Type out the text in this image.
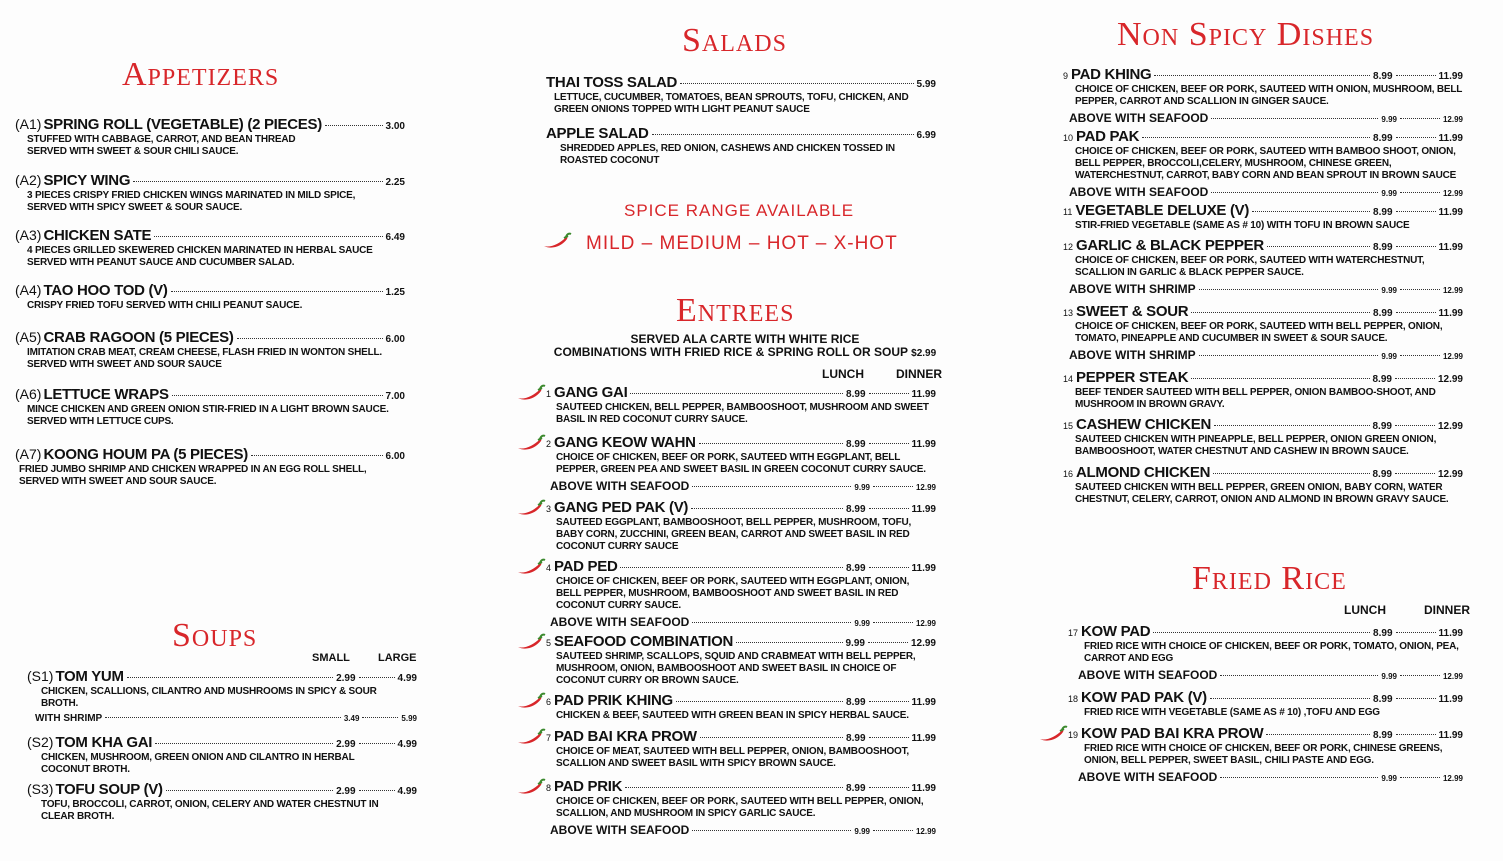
Appetizers
(A1) SPRING ROLL (VEGETABLE) (2 PIECES)	3.00
STUFFED WITH CABBAGE, CARROT, AND BEAN THREAD SERVED WITH SWEET & SOUR CHILI SAUCE.
(A2) SPICY WING	2.25
3 PIECES CRISPY FRIED CHICKEN WINGS MARINATED IN MILD SPICE, SERVED WITH SPICY SWEET & SOUR SAUCE.
(A3) CHICKEN SATE	6.49
4 PIECES GRILLED SKEWERED CHICKEN MARINATED IN HERBAL SAUCE SERVED WITH PEANUT SAUCE AND CUCUMBER SALAD.
(A4) TAO HOO TOD (V)	1.25
CRISPY FRIED TOFU SERVED WITH CHILI PEANUT SAUCE.
(A5) CRAB RAGOON (5 PIECES)	6.00
IMITATION CRAB MEAT, CREAM CHEESE, FLASH FRIED IN WONTON SHELL. SERVED WITH SWEET AND SOUR SAUCE
(A6) LETTUCE WRAPS	7.00
MINCE CHICKEN AND GREEN ONION STIR-FRIED IN A LIGHT BROWN SAUCE. SERVED WITH LETTUCE CUPS.
(A7) KOONG HOUM PA (5 PIECES)	6.00
FRIED JUMBO SHRIMP AND CHICKEN WRAPPED IN AN EGG ROLL SHELL, SERVED WITH SWEET AND SOUR SAUCE.
Soups
SMALL	LARGE
(S1) TOM YUM	2.99	4.99
CHICKEN, SCALLIONS, CILANTRO AND MUSHROOMS IN SPICY & SOUR BROTH.
WITH SHRIMP	3.49	5.99
(S2) TOM KHA GAI	2.99	4.99
CHICKEN, MUSHROOM, GREEN ONION AND CILANTRO IN HERBAL COCONUT BROTH.
(S3) TOFU SOUP (V)	2.99	4.99
TOFU, BROCCOLI, CARROT, ONION, CELERY AND WATER CHESTNUT IN CLEAR BROTH.
Salads
THAI TOSS SALAD	5.99
LETTUCE, CUCUMBER, TOMATOES, BEAN SPROUTS, TOFU, CHICKEN, AND GREEN ONIONS TOPPED WITH LIGHT PEANUT SAUCE
APPLE SALAD	6.99
SHREDDED APPLES, RED ONION, CASHEWS AND CHICKEN TOSSED IN ROASTED COCONUT
SPICE RANGE AVAILABLE
MILD – MEDIUM – HOT – X-HOT
Entrees
SERVED ALA CARTE WITH WHITE RICE
COMBINATIONS WITH FRIED RICE & SPRING ROLL OR SOUP $2.99
LUNCH	DINNER
1 GANG GAI	8.99	11.99
SAUTEED CHICKEN, BELL PEPPER, BAMBOOSHOOT, MUSHROOM AND SWEET BASIL IN RED COCONUT CURRY SAUCE.
2 GANG KEOW WAHN	8.99	11.99
CHOICE OF CHICKEN, BEEF OR PORK, SAUTEED WITH EGGPLANT, BELL PEPPER, GREEN PEA AND SWEET BASIL IN GREEN COCONUT CURRY SAUCE.
ABOVE WITH SEAFOOD	9.99	12.99
3 GANG PED PAK (V)	8.99	11.99
SAUTEED EGGPLANT, BAMBOOSHOOT, BELL PEPPER, MUSHROOM, TOFU, BABY CORN, ZUCCHINI, GREEN BEAN, CARROT AND SWEET BASIL IN RED COCONUT CURRY SAUCE
4 PAD PED	8.99	11.99
CHOICE OF CHICKEN, BEEF OR PORK, SAUTEED WITH EGGPLANT, ONION, BELL PEPPER, MUSHROOM, BAMBOOSHOOT AND SWEET BASIL IN RED COCONUT CURRY SAUCE.
ABOVE WITH SEAFOOD	9.99	12.99
5 SEAFOOD COMBINATION	9.99	12.99
SAUTEED SHRIMP, SCALLOPS, SQUID AND CRABMEAT WITH BELL PEPPER, MUSHROOM, ONION, BAMBOOSHOOT AND SWEET BASIL IN CHOICE OF COCONUT CURRY OR BROWN SAUCE.
6 PAD PRIK KHING	8.99	11.99
CHICKEN & BEEF, SAUTEED WITH GREEN BEAN IN SPICY HERBAL SAUCE.
7 PAD BAI KRA PROW	8.99	11.99
CHOICE OF MEAT, SAUTEED WITH BELL PEPPER, ONION, BAMBOOSHOOT, SCALLION AND SWEET BASIL WITH SPICY BROWN SAUCE.
8 PAD PRIK	8.99	11.99
CHOICE OF CHICKEN, BEEF OR PORK, SAUTEED WITH BELL PEPPER, ONION, SCALLION, AND MUSHROOM IN SPICY GARLIC SAUCE.
ABOVE WITH SEAFOOD	9.99	12.99
Non Spicy Dishes
9 PAD KHING	8.99	11.99
CHOICE OF CHICKEN, BEEF OR PORK, SAUTEED WITH ONION, MUSHROOM, BELL PEPPER, CARROT AND SCALLION IN GINGER SAUCE.
ABOVE WITH SEAFOOD	9.99	12.99
10 PAD PAK	8.99	11.99
CHOICE OF CHICKEN, BEEF OR PORK, SAUTEED WITH BAMBOO SHOOT, ONION, BELL PEPPER, BROCCOLI,CELERY, MUSHROOM, CHINESE GREEN, WATERCHESTNUT, CARROT, BABY CORN AND BEAN SPROUT IN BROWN SAUCE
ABOVE WITH SEAFOOD	9.99	12.99
11 VEGETABLE DELUXE (V)	8.99	11.99
STIR-FRIED VEGETABLE (SAME AS # 10) WITH TOFU IN BROWN SAUCE
12 GARLIC & BLACK PEPPER	8.99	11.99
CHOICE OF CHICKEN, BEEF OR PORK, SAUTEED WITH WATERCHESTNUT, SCALLION IN GARLIC & BLACK PEPPER SAUCE.
ABOVE WITH SHRIMP	9.99	12.99
13 SWEET & SOUR	8.99	11.99
CHOICE OF CHICKEN, BEEF OR PORK, SAUTEED WITH BELL PEPPER, ONION, TOMATO, PINEAPPLE AND CUCUMBER IN SWEET & SOUR SAUCE.
ABOVE WITH SHRIMP	9.99	12.99
14 PEPPER STEAK	8.99	12.99
BEEF TENDER SAUTEED WITH BELL PEPPER, ONION BAMBOO-SHOOT, AND MUSHROOM IN BROWN GRAVY.
15 CASHEW CHICKEN	8.99	12.99
SAUTEED CHICKEN WITH PINEAPPLE, BELL PEPPER, ONION GREEN ONION, BAMBOOSHOOT, WATER CHESTNUT AND CASHEW IN BROWN SAUCE.
16 ALMOND CHICKEN	8.99	12.99
SAUTEED CHICKEN WITH BELL PEPPER, GREEN ONION, BABY CORN, WATER CHESTNUT, CELERY, CARROT, ONION AND ALMOND IN BROWN GRAVY SAUCE.
Fried Rice
LUNCH	DINNER
17 KOW PAD	8.99	11.99
FRIED RICE WITH CHOICE OF CHICKEN, BEEF OR PORK, TOMATO, ONION, PEA, CARROT AND EGG
ABOVE WITH SEAFOOD	9.99	12.99
18 KOW PAD PAK (V)	8.99	11.99
FRIED RICE WITH VEGETABLE (SAME AS # 10) ,TOFU AND EGG
19 KOW PAD BAI KRA PROW	8.99	11.99
FRIED RICE WITH CHOICE OF CHICKEN, BEEF OR PORK, CHINESE GREENS, ONION, BELL PEPPER, SWEET BASIL, CHILI PASTE AND EGG.
ABOVE WITH SEAFOOD	9.99	12.99
